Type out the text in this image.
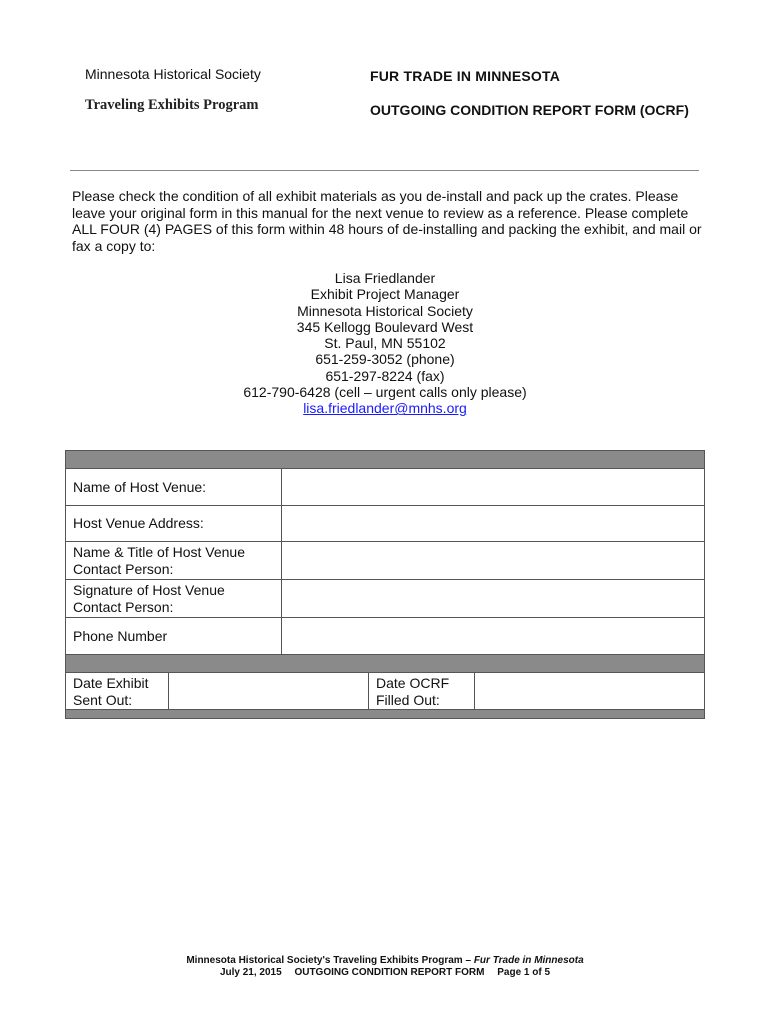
Minnesota Historical Society
Traveling Exhibits Program
FUR TRADE IN MINNESOTA
OUTGOING CONDITION REPORT FORM (OCRF)
Please check the condition of all exhibit materials as you de-install and pack up the crates. Please leave your original form in this manual for the next venue to review as a reference. Please complete ALL FOUR (4) PAGES of this form within 48 hours of de-installing and packing the exhibit, and mail or fax a copy to:
Lisa Friedlander
Exhibit Project Manager
Minnesota Historical Society
345 Kellogg Boulevard West
St. Paul, MN 55102
651-259-3052 (phone)
651-297-8224 (fax)
612-790-6428 (cell – urgent calls only please)
lisa.friedlander@mnhs.org
Name of Host Venue:
Host Venue Address:
Name & Title of Host Venue Contact Person:
Signature of Host Venue Contact Person:
Phone Number
Date Exhibit Sent Out:
Date OCRF Filled Out:
Minnesota Historical Society's Traveling Exhibits Program – Fur Trade in Minnesota
July 21, 2015 OUTGOING CONDITION REPORT FORM Page 1 of 5
